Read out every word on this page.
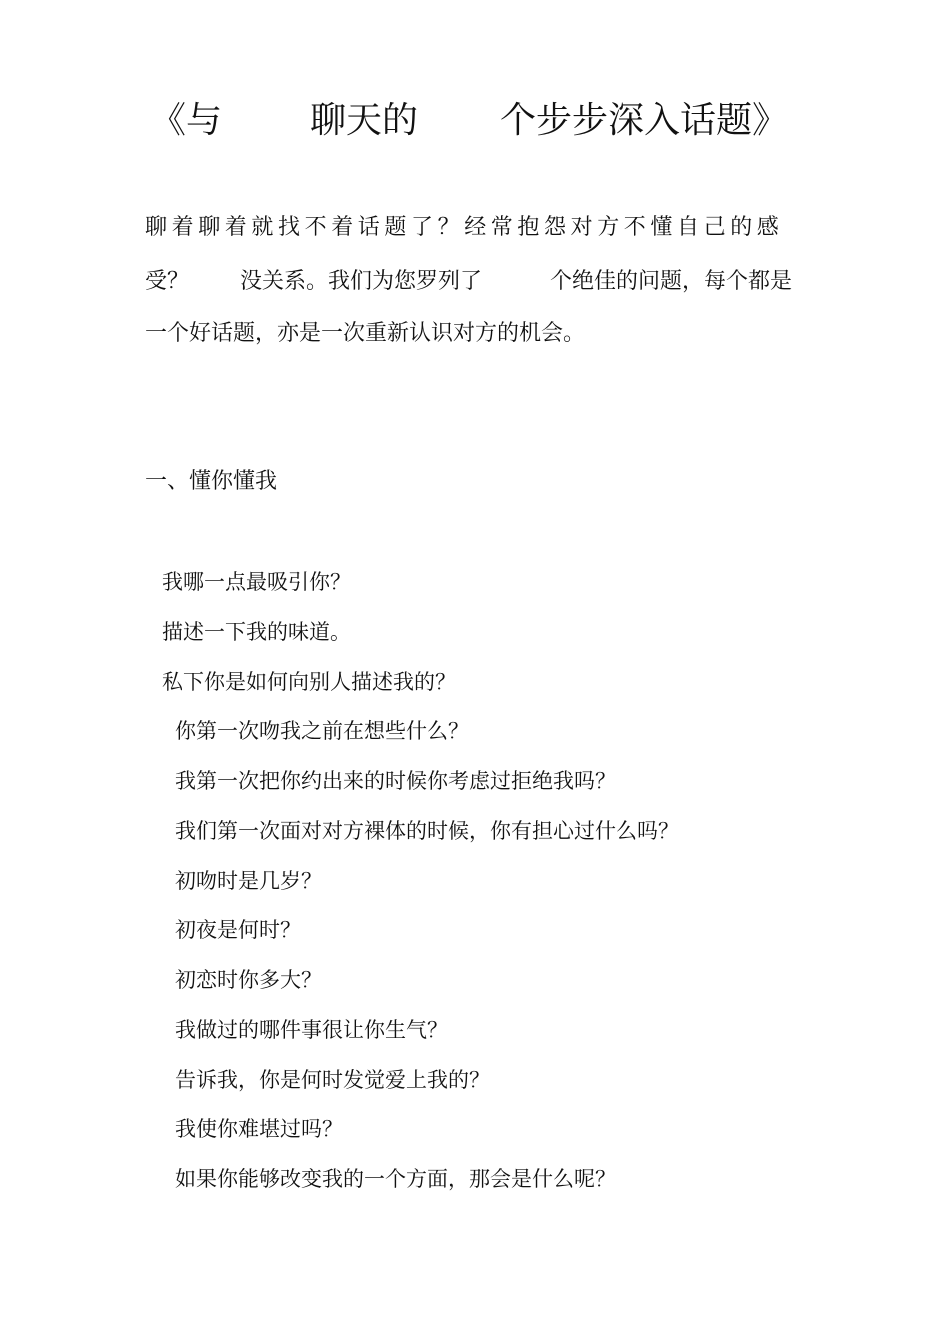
《与 聊天的 个步步深入话题》
聊着聊着就找不着话题了？经常抱怨对方不懂自己的感
受？ 没关系。我们为您罗列了	个绝佳的问题，每个都是
一个好话题，亦是一次重新认识对方的机会。
一、懂你懂我
我哪一点最吸引你？
描述一下我的味道。
私下你是如何向别人描述我的？
你第一次吻我之前在想些什么？
我第一次把你约出来的时候你考虑过拒绝我吗？
我们第一次面对对方裸体的时候，你有担心过什么吗？
初吻时是几岁？
初夜是何时？
初恋时你多大？
我做过的哪件事很让你生气？
告诉我，你是何时发觉爱上我的？
我使你难堪过吗？
如果你能够改变我的一个方面，那会是什么呢？
